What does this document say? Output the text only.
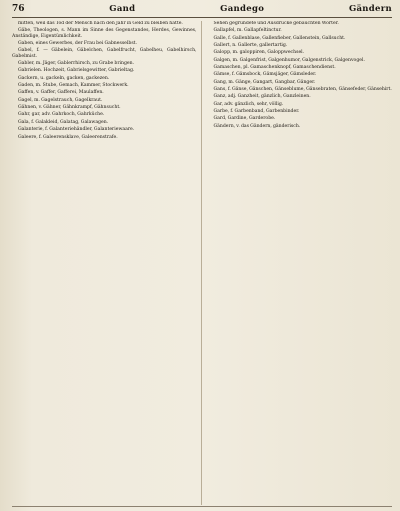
76	Gand	Gandego	Gändern

mitten, weil das Tod der Mensch nach den Jahr in Geld zu bleiben hatte.

Gäbe, Theologen, s. Mann im Sinne des Gegenstandes, Herdes, Gewinnes, Anständige, Eigentümlichkeit.

Gaben, eines Gewerbes, der Frau bei Gabnesselbst.

Gabel, f. — Gäbelein, Gäbelchen, Gabelfrucht, Gabelheu, Gabelhirsch, Gabelmist.

Gabler, m. Jäger, Gablerrhirsch, zu Grabe bringen.

Gabrielen. Hochzeit, Gabrielsgewitter, Gabrieltag.

Gackern, u. gackeln, gacken, gackezen.

Gaden, m. Stube, Gemach, Kammer, Stockwerk.

Gaffen, v. Gaffer, Gafferei, Maulaffen.

Gagel, m. Gagelstrauch, Gagelkraut.

Gähnen, v. Gähner, Gähnkrampf, Gähnsucht.

Gahr, gar, adv. Gahrkoch, Gahrküche.

Gala, f. Galakleid, Galatag, Galawagen.

Galanterie, f. Galanteriehändler, Galanteriewaare.

Galeere, f. Galeerensklave, Galeerenstrafe.

Sehen gegründete und Ausdrücke gebauchten Wörter.

Gallapfel, m. Gallapfeltinctur.

Galle, f. Gallenblase, Gallenfieber, Gallenstein, Gallsucht.

Gallert, n. Gallerte, gallertartig.

Galopp, m. galoppiren, Galoppwechsel.

Galgen, m. Galgenfrist, Galgenhumor, Galgenstrick, Galgenvogel.

Gamaschen, pl. Gamaschenknopf, Gamaschendienst.

Gämse, f. Gämsbock, Gämsjäger, Gämsleder.

Gang, m. Gänge, Gangart, Gangbar, Gänger.

Gans, f. Gänse, Gänschen, Gänseblume, Gänsebraten, Gänsefeder, Gänsehirt.

Ganz, adj. Ganzheit, gänzlich, Ganzleinen.

Gar, adv. gänzlich, sehr, völlig.

Garbe, f. Garbenband, Garbenbinder.

Gard, Gardine, Garderobe.

Gändern, v. das Gändern, gänderisch.
